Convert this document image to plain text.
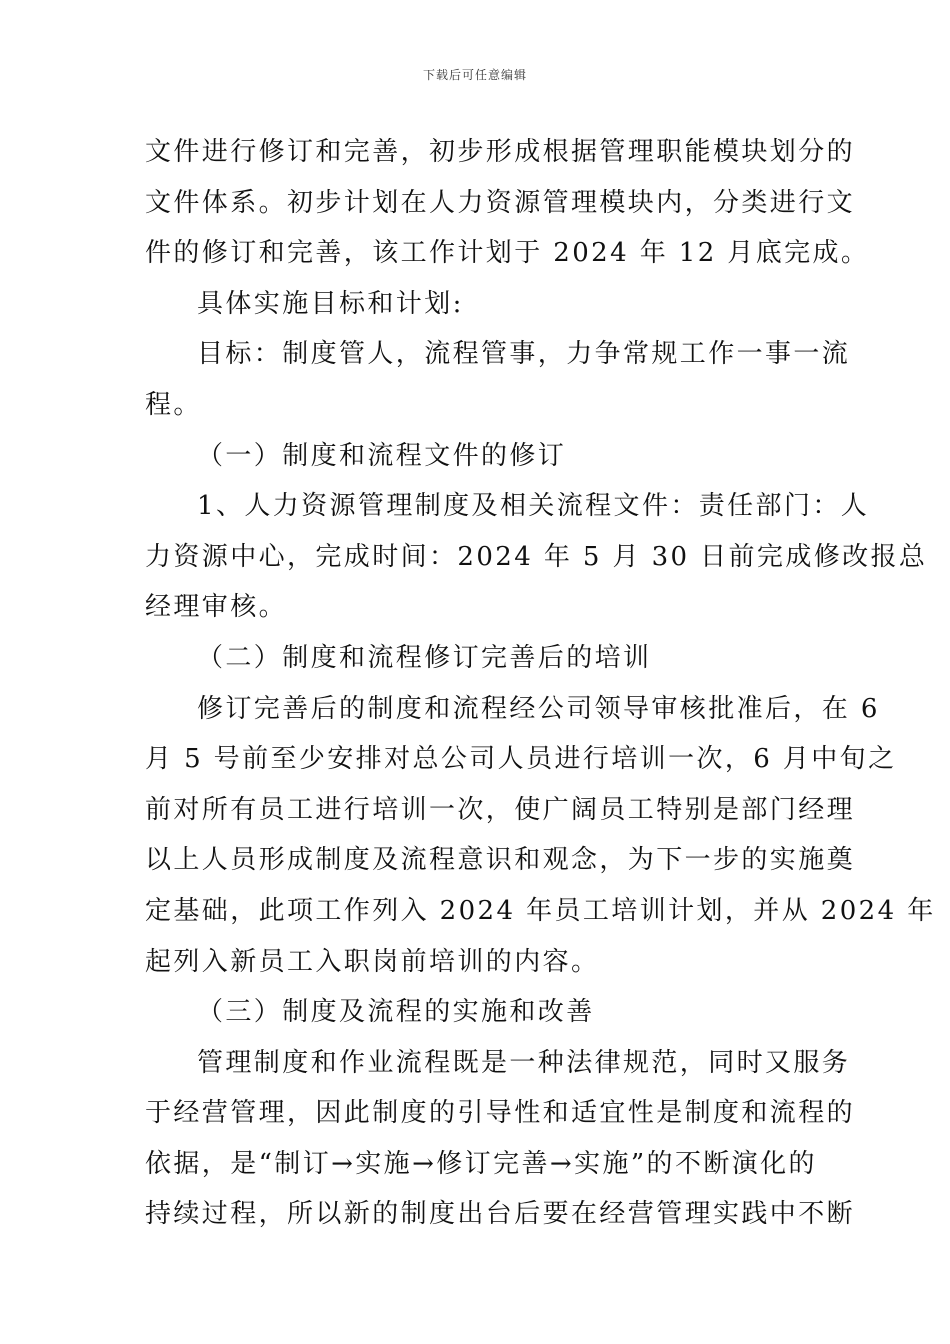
下载后可任意编辑
文件进行修订和完善，初步形成根据管理职能模块划分的
文件体系。初步计划在人力资源管理模块内，分类进行文
件的修订和完善，该工作计划于 2024 年 12 月底完成。
具体实施目标和计划:
目标：制度管人，流程管事，力争常规工作一事一流
程。
（一）制度和流程文件的修订
1、人力资源管理制度及相关流程文件：责任部门：人
力资源中心，完成时间：2024 年 5 月 30 日前完成修改报总
经理审核。
（二）制度和流程修订完善后的培训
修订完善后的制度和流程经公司领导审核批准后，在 6
月 5 号前至少安排对总公司人员进行培训一次，6 月中旬之
前对所有员工进行培训一次，使广阔员工特别是部门经理
以上人员形成制度及流程意识和观念，为下一步的实施奠
定基础，此项工作列入 2024 年员工培训计划，并从 2024 年
起列入新员工入职岗前培训的内容。
（三）制度及流程的实施和改善
管理制度和作业流程既是一种法律规范，同时又服务
于经营管理，因此制度的引导性和适宜性是制度和流程的
依据，是“制订→实施→修订完善→实施”的不断演化的
持续过程，所以新的制度出台后要在经营管理实践中不断
